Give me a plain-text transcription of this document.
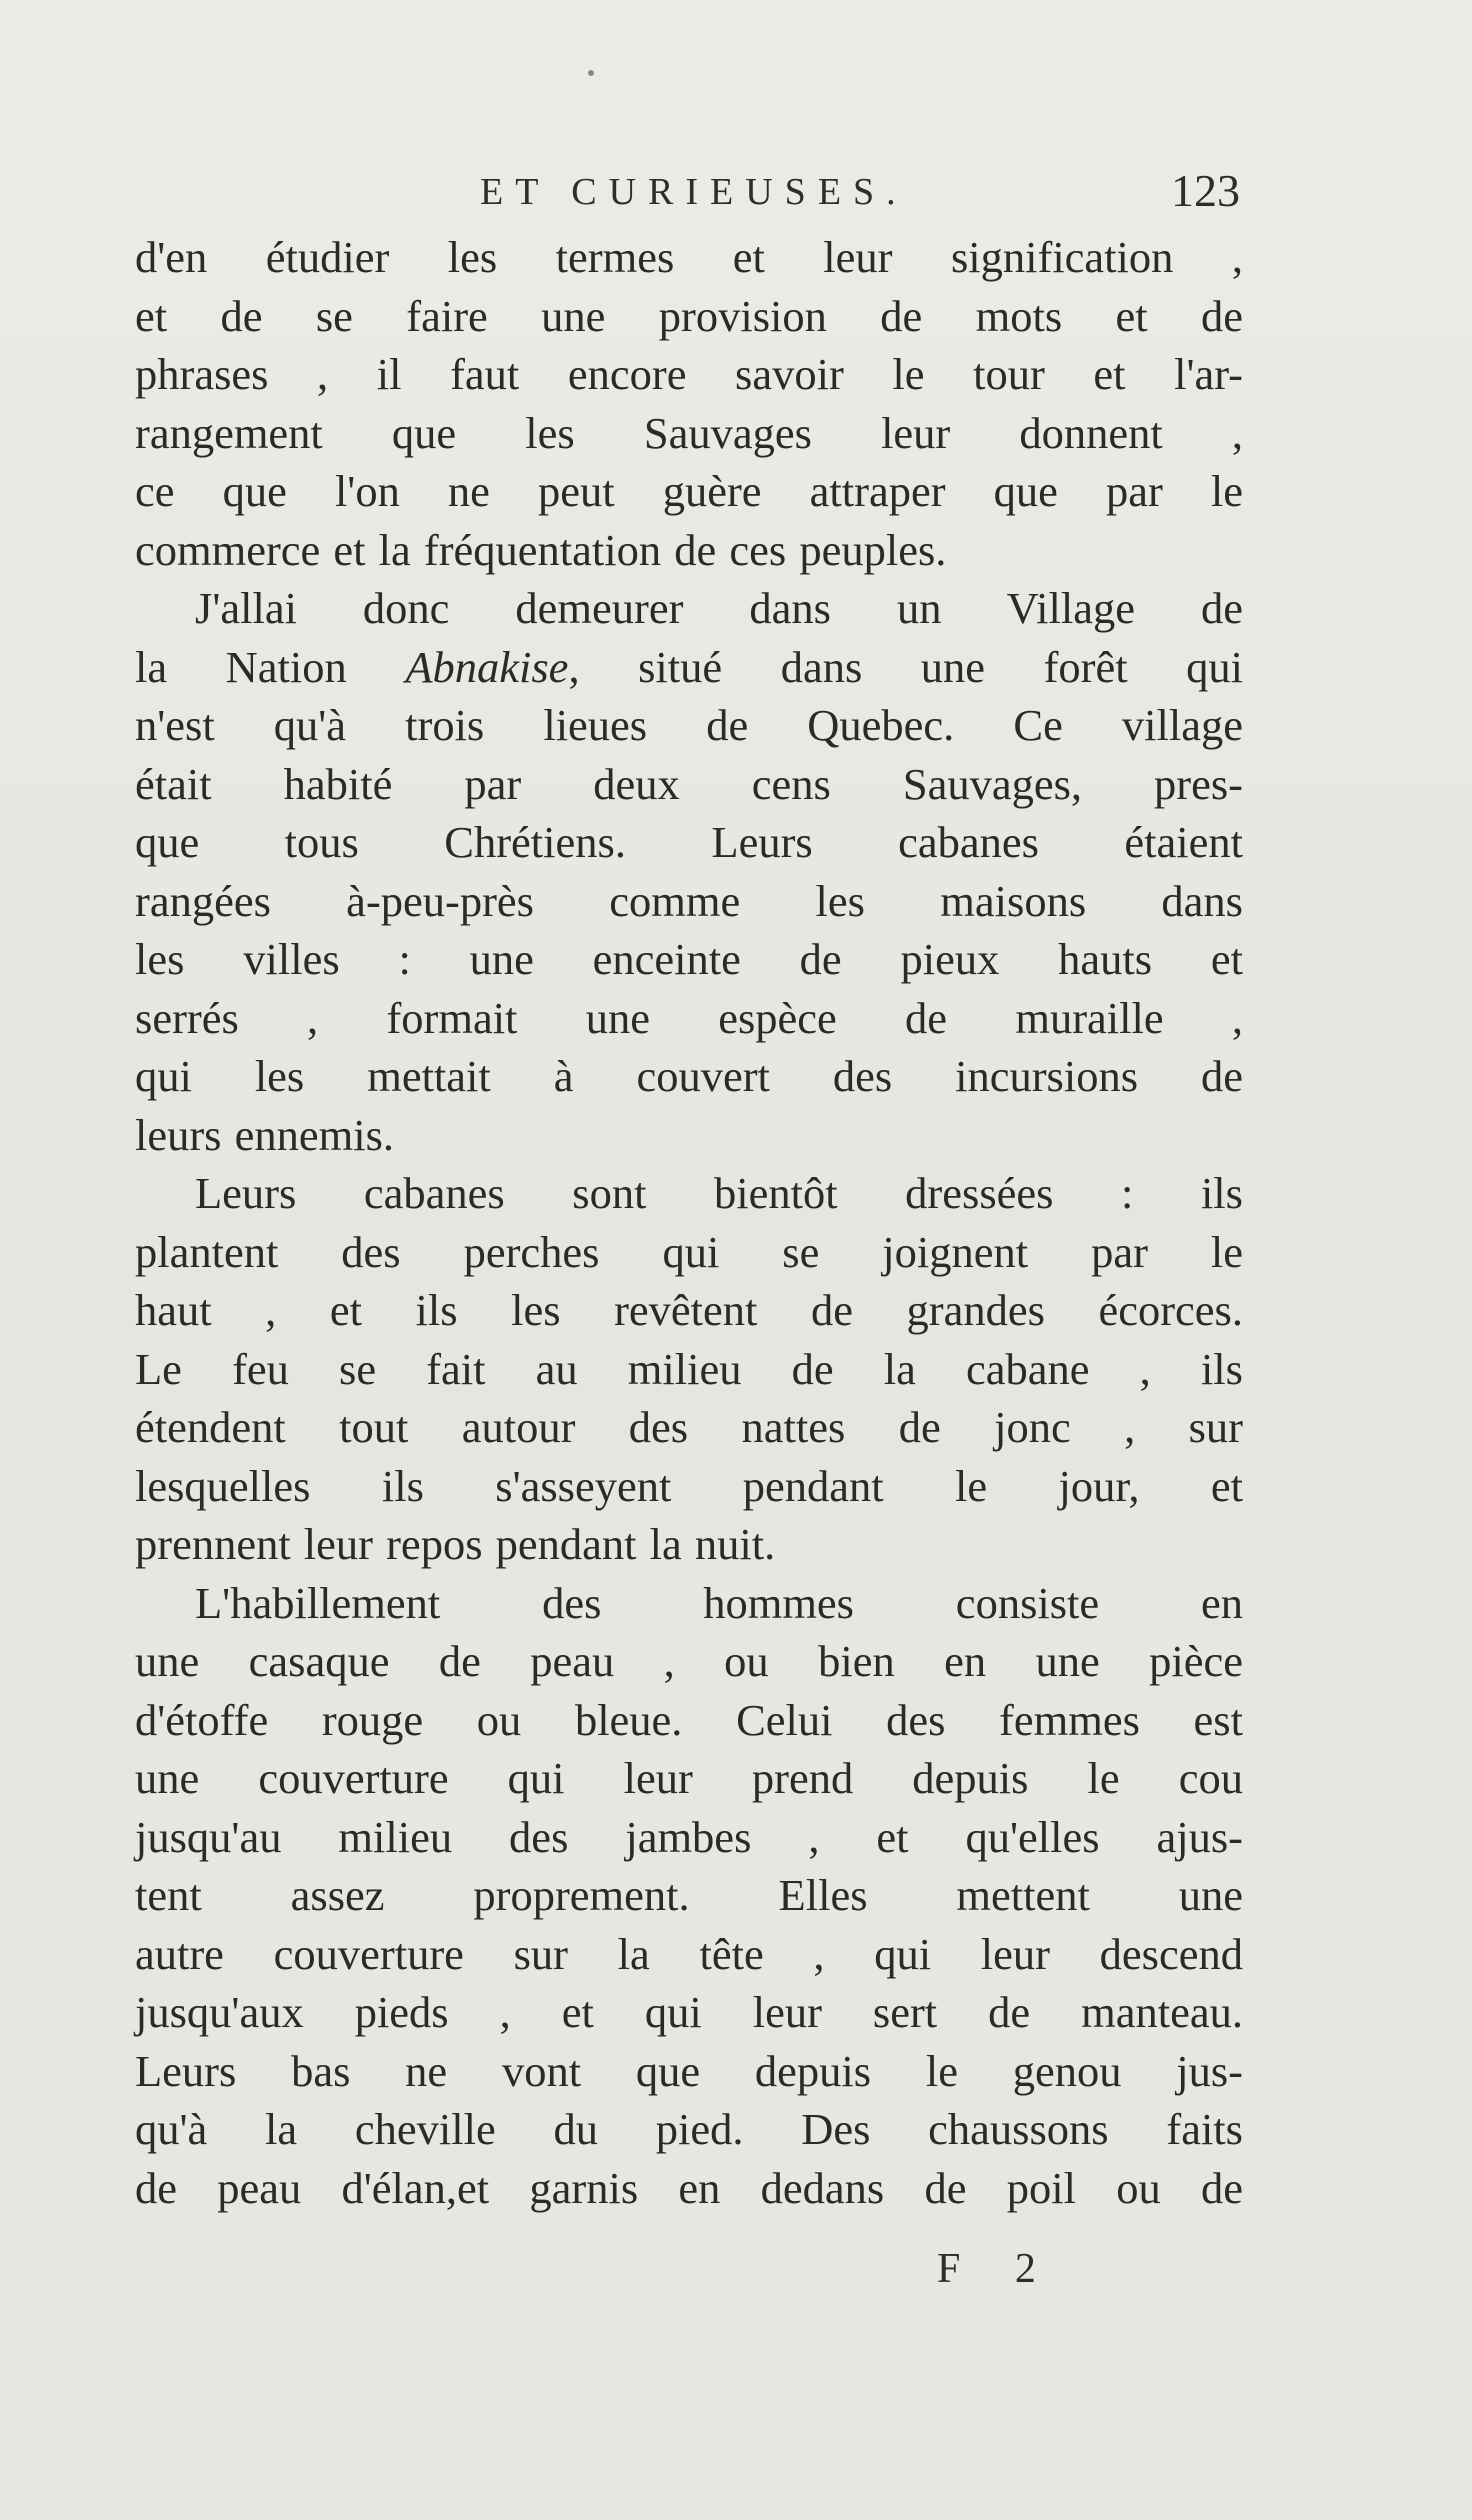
ET CURIEUSES.	123
d'en étudier les termes et leur signification ,
et de se faire une provision de mots et de
phrases , il faut encore savoir le tour et l'ar-
rangement que les Sauvages leur donnent ,
ce que l'on ne peut guère attraper que par le
commerce et la fréquentation de ces peuples.
J'allai donc demeurer dans un Village de
la Nation Abnakise, situé dans une forêt qui
n'est qu'à trois lieues de Quebec. Ce village
était habité par deux cens Sauvages, pres-
que tous Chrétiens. Leurs cabanes étaient
rangées à-peu-près comme les maisons dans
les villes : une enceinte de pieux hauts et
serrés , formait une espèce de muraille ,
qui les mettait à couvert des incursions de
leurs ennemis.
Leurs cabanes sont bientôt dressées : ils
plantent des perches qui se joignent par le
haut , et ils les revêtent de grandes écorces.
Le feu se fait au milieu de la cabane , ils
étendent tout autour des nattes de jonc , sur
lesquelles ils s'asseyent pendant le jour, et
prennent leur repos pendant la nuit.
L'habillement des hommes consiste en
une casaque de peau , ou bien en une pièce
d'étoffe rouge ou bleue. Celui des femmes est
une couverture qui leur prend depuis le cou
jusqu'au milieu des jambes , et qu'elles ajus-
tent assez proprement. Elles mettent une
autre couverture sur la tête , qui leur descend
jusqu'aux pieds , et qui leur sert de manteau.
Leurs bas ne vont que depuis le genou jus-
qu'à la cheville du pied. Des chaussons faits
de peau d'élan,et garnis en dedans de poil ou de
F 2
